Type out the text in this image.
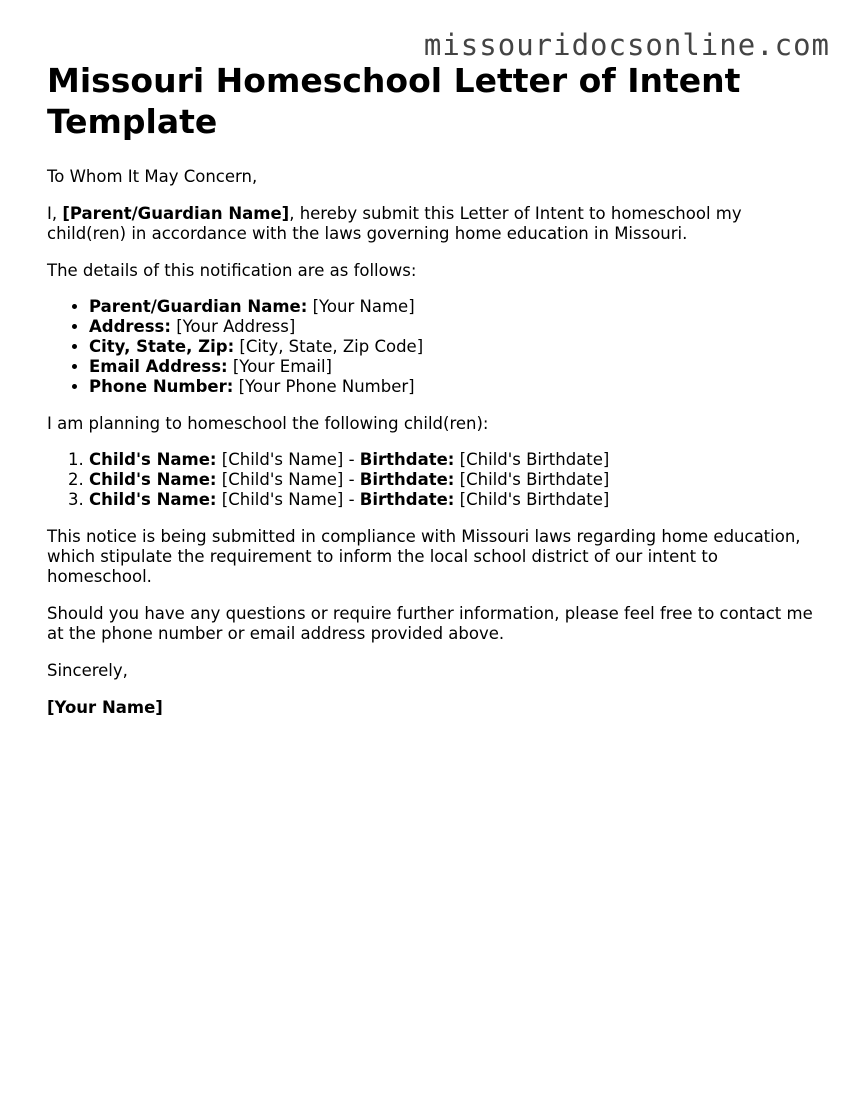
missouridocsonline.com
Missouri Homeschool Letter of Intent Template

To Whom It May Concern,

I, [Parent/Guardian Name], hereby submit this Letter of Intent to homeschool my child(ren) in accordance with the laws governing home education in Missouri.

The details of this notification are as follows:

• Parent/Guardian Name: [Your Name]
• Address: [Your Address]
• City, State, Zip: [City, State, Zip Code]
• Email Address: [Your Email]
• Phone Number: [Your Phone Number]

I am planning to homeschool the following child(ren):

1. Child's Name: [Child's Name] - Birthdate: [Child's Birthdate]
2. Child's Name: [Child's Name] - Birthdate: [Child's Birthdate]
3. Child's Name: [Child's Name] - Birthdate: [Child's Birthdate]

This notice is being submitted in compliance with Missouri laws regarding home education, which stipulate the requirement to inform the local school district of our intent to homeschool.

Should you have any questions or require further information, please feel free to contact me at the phone number or email address provided above.

Sincerely,

[Your Name]
